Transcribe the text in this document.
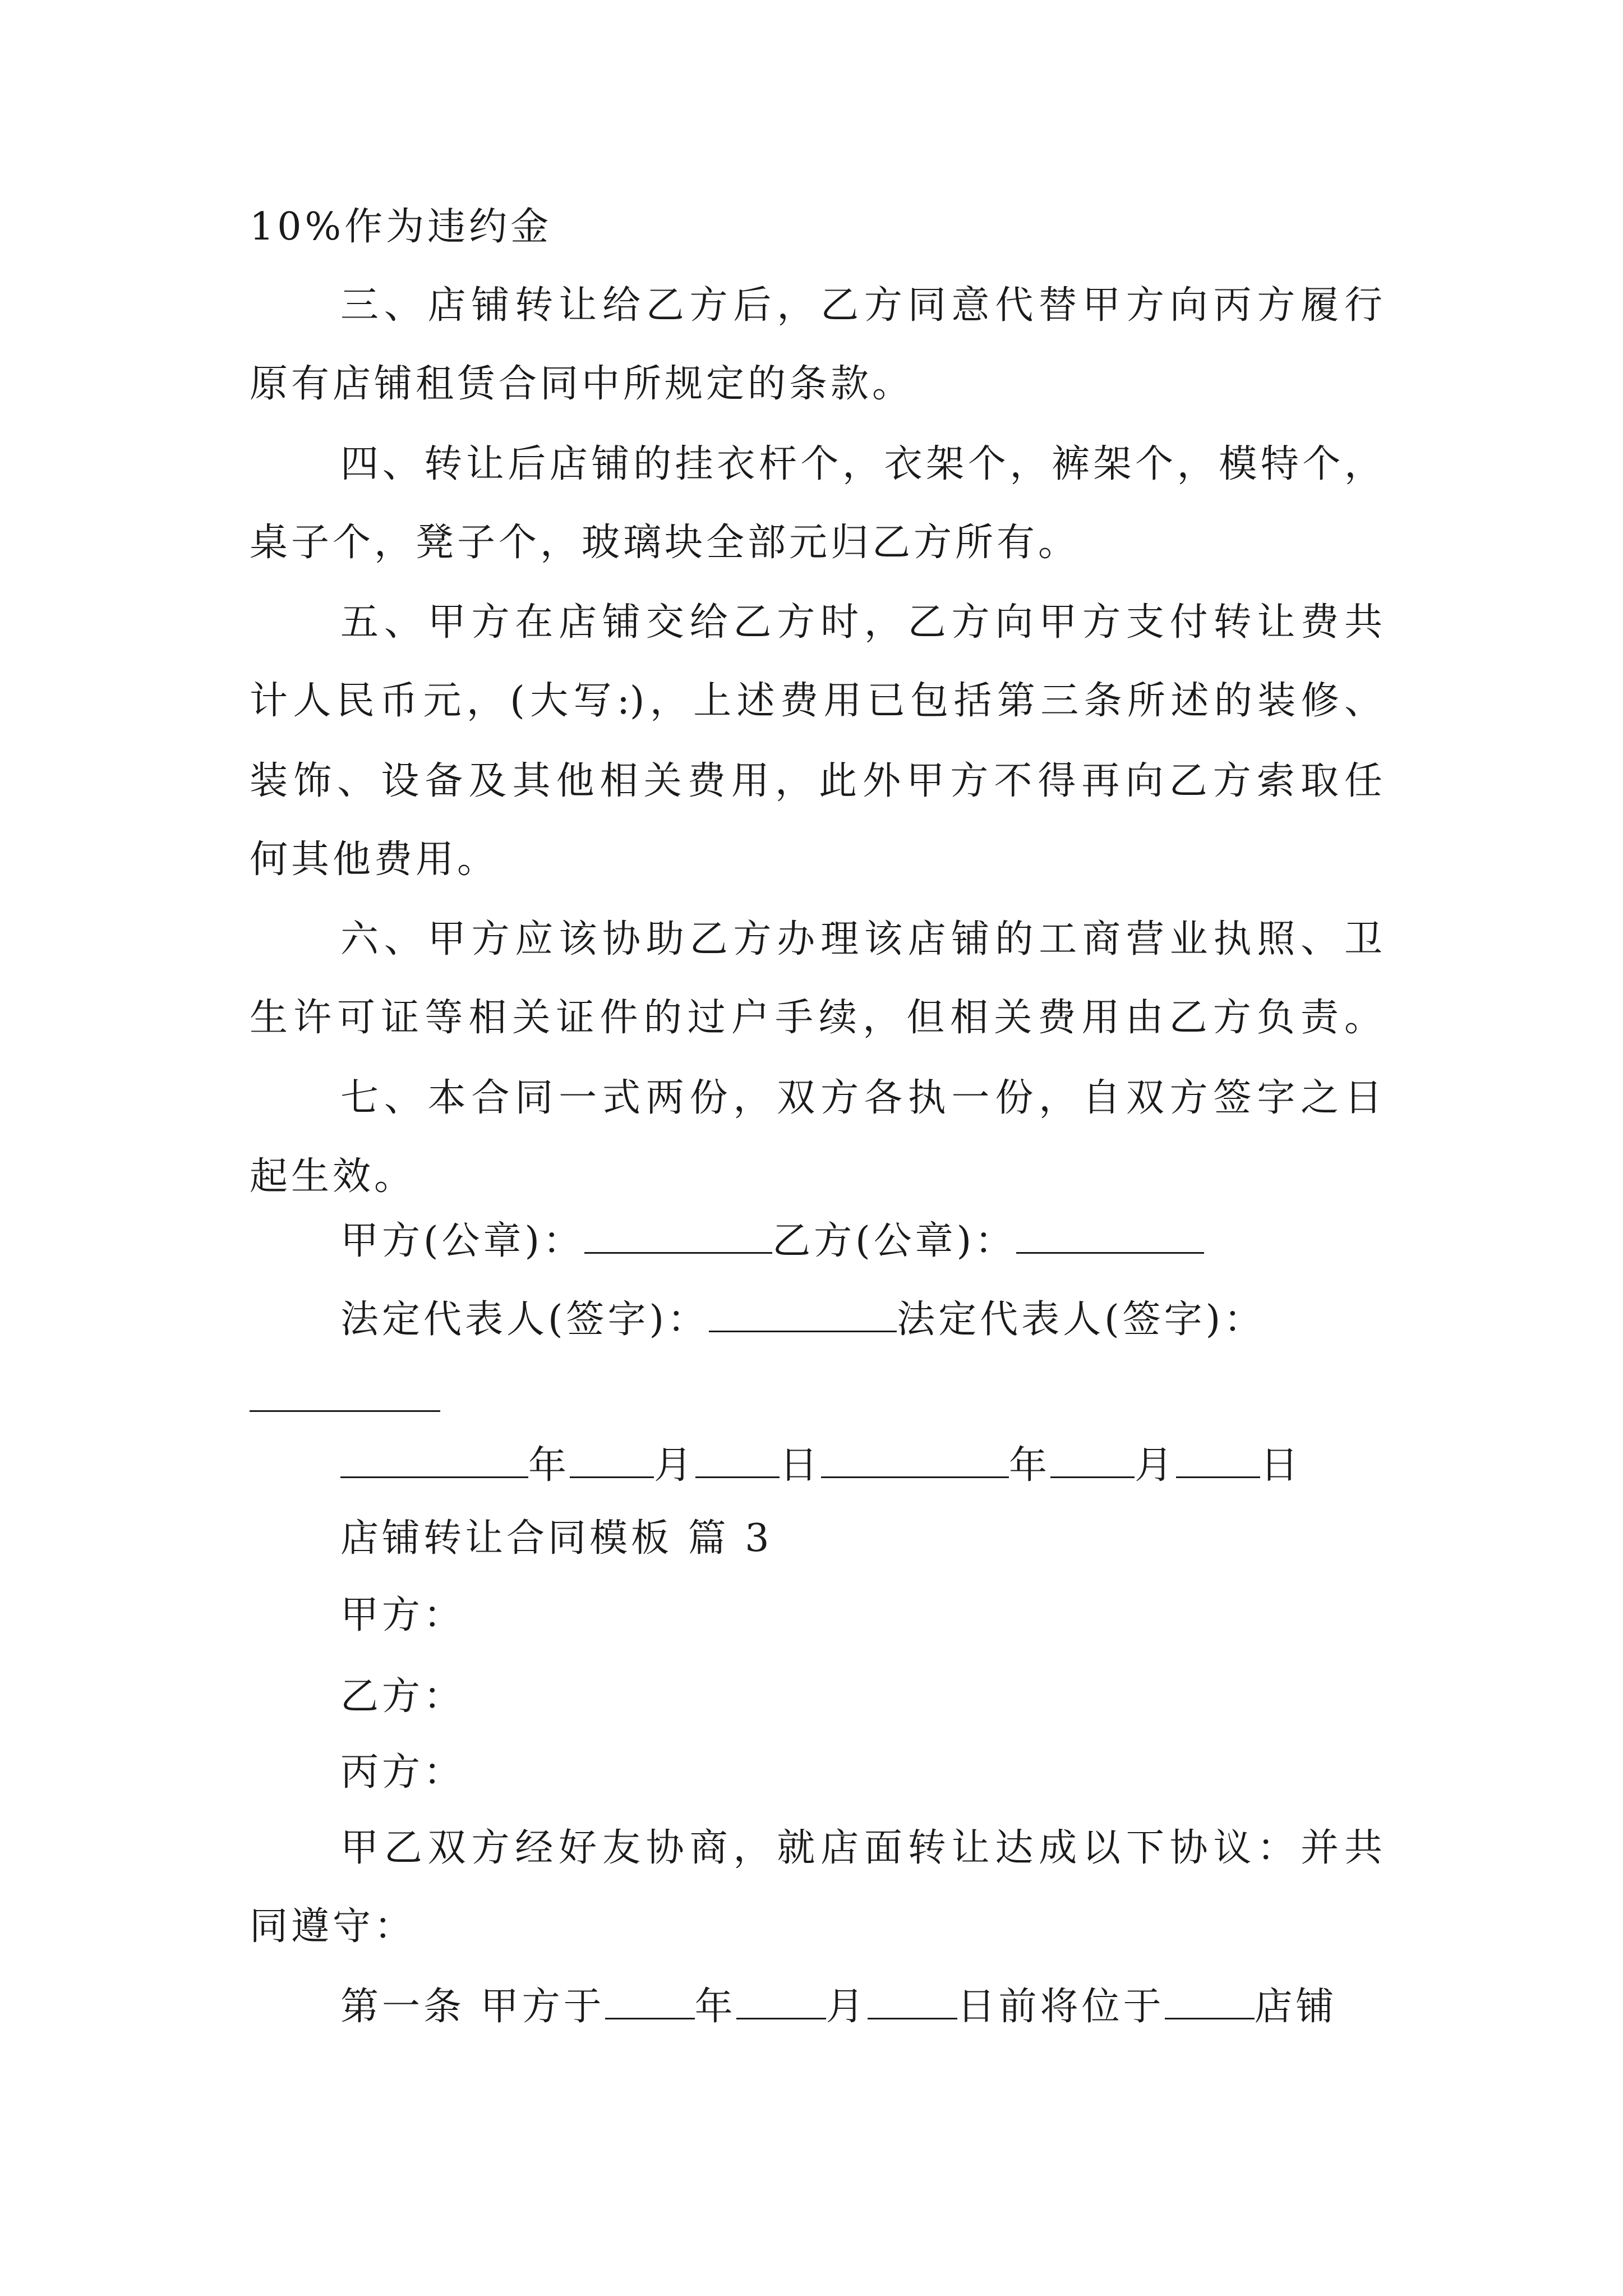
10%作为违约金
三、店铺转让给乙方后，乙方同意代替甲方向丙方履行
原有店铺租赁合同中所规定的条款。
四、转让后店铺的挂衣杆个，衣架个，裤架个，模特个，
桌子个，凳子个，玻璃块全部元归乙方所有。
五、甲方在店铺交给乙方时，乙方向甲方支付转让费共
计人民币元，(大写:)，上述费用已包括第三条所述的装修、
装饰、设备及其他相关费用，此外甲方不得再向乙方索取任
何其他费用。
六、甲方应该协助乙方办理该店铺的工商营业执照、卫
生许可证等相关证件的过户手续，但相关费用由乙方负责。
七、本合同一式两份，双方各执一份，自双方签字之日
起生效。
甲方(公章)：	乙方(公章)：
法定代表人(签字)：	法定代表人(签字)：
年 月 日	年 月 日
店铺转让合同模板 篇 3
甲方：
乙方：
丙方：
甲乙双方经好友协商，就店面转让达成以下协议：并共
同遵守：
第一条 甲方于 年 月 日前将位于 店铺
